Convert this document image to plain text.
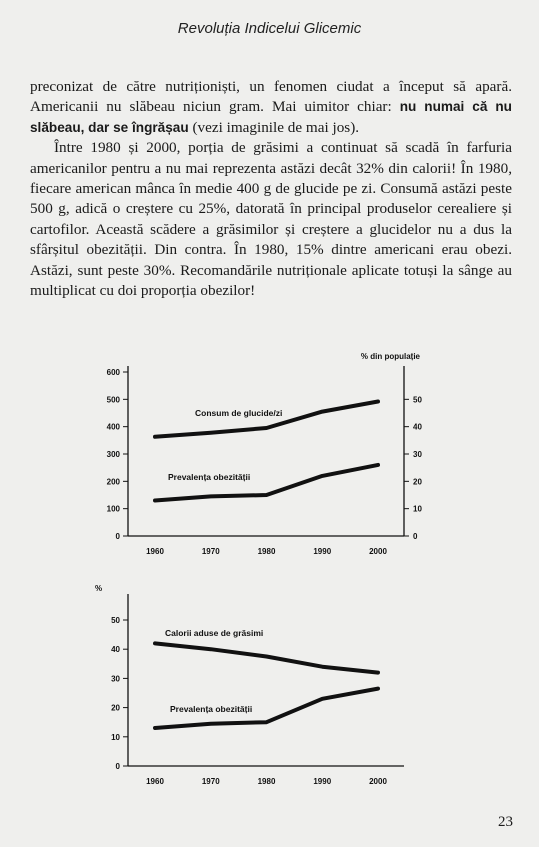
Revoluția Indicelui Glicemic

preconizat de către nutriționiști, un fenomen ciudat a început să apară. Americanii nu slăbeau niciun gram. Mai uimitor chiar: nu numai că nu slăbeau, dar se îngrășau (vezi imaginile de mai jos).

Între 1980 și 2000, porția de grăsimi a continuat să scadă în farfuria americanilor pentru a nu mai reprezenta astăzi decât 32% din calorii! În 1980, fiecare american mânca în medie 400 g de glucide pe zi. Consumă astăzi peste 500 g, adică o creștere cu 25%, datorată în principal produselor cerealiere și cartofilor. Această scădere a grăsimilor și creștere a glucidelor nu a dus la sfârșitul obezității. Din contra. În 1980, 15% dintre americani erau obezi. Astăzi, sunt peste 30%. Recomandările nutriționale aplicate totuși la sânge au multiplicat cu doi proporția obezilor!

0
100
200
300
400
500
600
0
10
20
30
40
50
1960	1970	1980	1990	2000
% din populație
Consum de glucide/zi
Prevalența obezității
0
10
20
30
40
50
1960	1970	1980	1990	2000
%
Calorii aduse de grăsimi
Prevalența obezității
23
